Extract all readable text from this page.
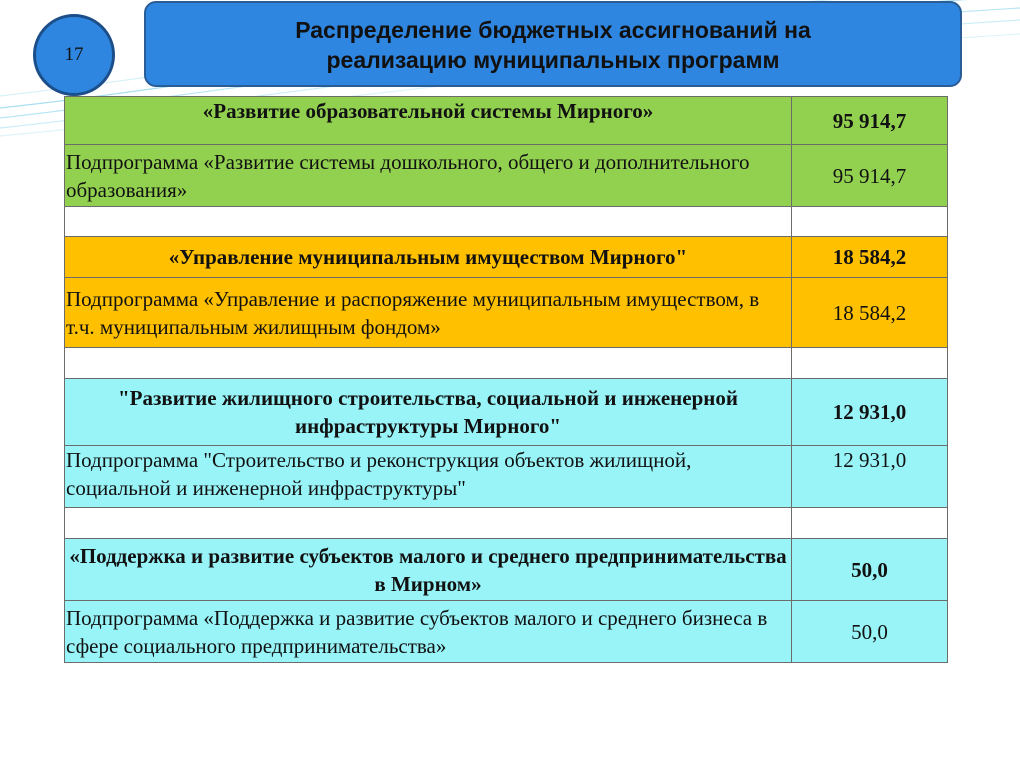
Распределение бюджетных ассигнований на
реализацию муниципальных программ
17
«Развитие образовательной системы Мирного»	95 914,7
Подпрограмма «Развитие системы дошкольного, общего и дополнительного образования»	95 914,7

«Управление муниципальным имуществом Мирного"	18 584,2
Подпрограмма «Управление и распоряжение муниципальным имуществом, в т.ч. муниципальным жилищным фондом»	18 584,2

"Развитие жилищного строительства, социальной и инженерной инфраструктуры Мирного"	12 931,0
Подпрограмма "Строительство и реконструкция объектов жилищной, социальной и инженерной инфраструктуры"	12 931,0

«Поддержка и развитие субъектов малого и среднего предпринимательства в Мирном»	50,0
Подпрограмма «Поддержка и развитие субъектов малого и среднего бизнеса в сфере социального предпринимательства»	50,0
